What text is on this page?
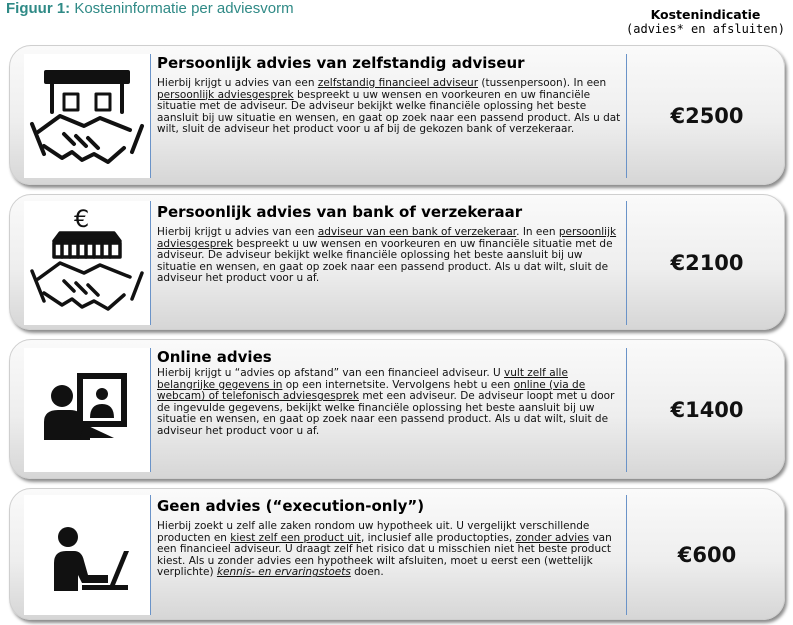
Figuur 1: Kosteninformatie per adviesvorm	Kostenindicatie
(advies* en afsluiten)
Persoonlijk advies van zelfstandig adviseur
Hierbij krijgt u advies van een zelfstandig financieel adviseur (tussenpersoon). In een persoonlijk adviesgesprek bespreekt u uw wensen en voorkeuren en uw financiële situatie met de adviseur. De adviseur bekijkt welke financiële oplossing het beste aansluit bij uw situatie en wensen, en gaat op zoek naar een passend product. Als u dat wilt, sluit de adviseur het product voor u af bij de gekozen bank of verzekeraar.
€2500
€	Persoonlijk advies van bank of verzekeraar
Hierbij krijgt u advies van een adviseur van een bank of verzekeraar. In een persoonlijk adviesgesprek bespreekt u uw wensen en voorkeuren en uw financiële situatie met de adviseur. De adviseur bekijkt welke financiële oplossing het beste aansluit bij uw situatie en wensen, en gaat op zoek naar een passend product. Als u dat wilt, sluit de adviseur het product voor u af.
€2100
Online advies
Hierbij krijgt u “advies op afstand” van een financieel adviseur. U vult zelf alle belangrijke gegevens in op een internetsite. Vervolgens hebt u een online (via de webcam) of telefonisch adviesgesprek met een adviseur. De adviseur loopt met u door de ingevulde gegevens, bekijkt welke financiële oplossing het beste aansluit bij uw situatie en wensen, en gaat op zoek naar een passend product. Als u dat wilt, sluit de adviseur het product voor u af.
€1400
Geen advies (“execution-only”)
Hierbij zoekt u zelf alle zaken rondom uw hypotheek uit. U vergelijkt verschillende producten en kiest zelf een product uit, inclusief alle productopties, zonder advies van een financieel adviseur. U draagt zelf het risico dat u misschien niet het beste product kiest. Als u zonder advies een hypotheek wilt afsluiten, moet u eerst een (wettelijk verplichte) kennis- en ervaringstoets doen.
€600
